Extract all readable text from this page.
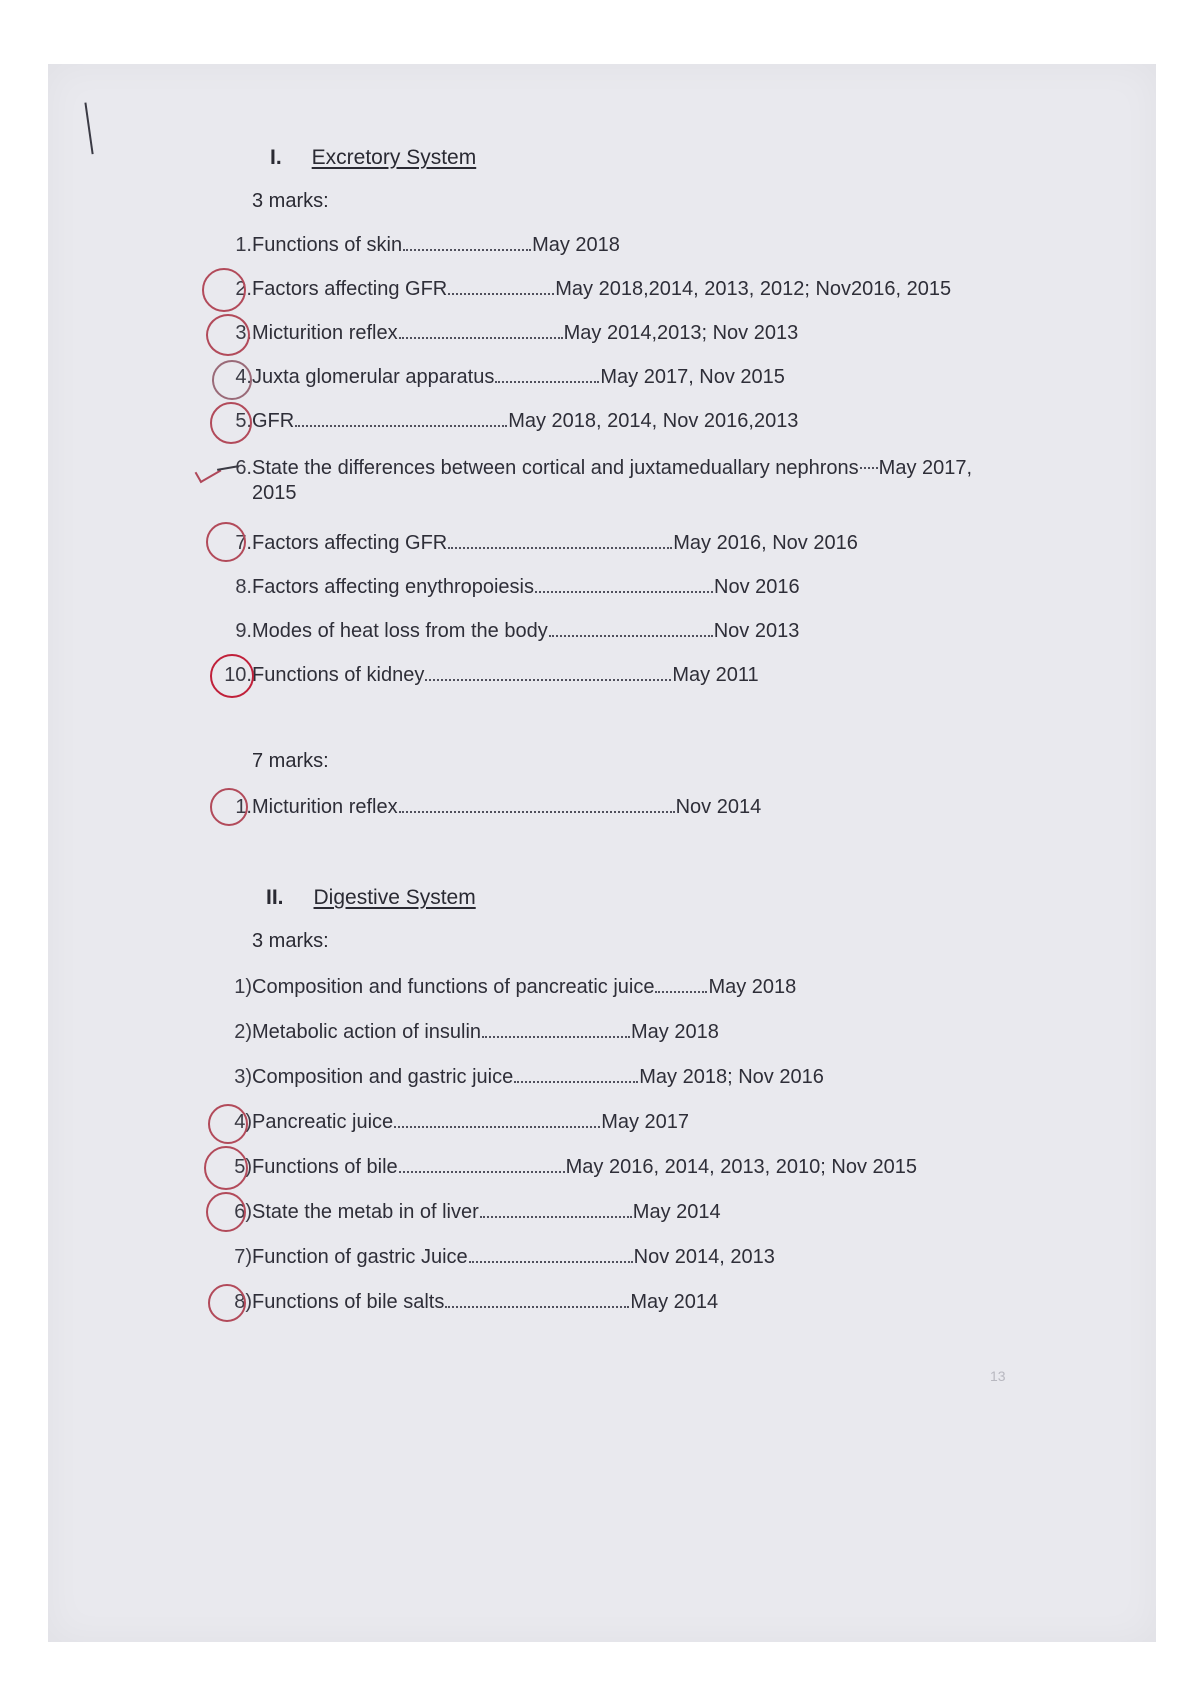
I. Excretory System
3 marks:
1. Functions of skin	May 2018
2. Factors affecting GFR	May 2018,2014, 2013, 2012; Nov2016, 2015
3. Micturition reflex	May 2014,2013; Nov 2013
4. Juxta glomerular apparatus	May 2017, Nov 2015
5. GFR	May 2018, 2014, Nov 2016,2013
6. State the differences between cortical and juxtameduallary nephrons May 2017, 2015
7. Factors affecting GFR	May 2016, Nov 2016
8. Factors affecting enythropoiesis	Nov 2016
9. Modes of heat loss from the body	Nov 2013
10. Functions of kidney	May 2011
7 marks:
1. Micturition reflex	Nov 2014
II. Digestive System
3 marks:
1) Composition and functions of pancreatic juice	May 2018
2) Metabolic action of insulin	May 2018
3) Composition and gastric juice	May 2018; Nov 2016
4) Pancreatic juice	May 2017
5) Functions of bile	May 2016, 2014, 2013, 2010; Nov 2015
6) State the metab in of liver	May 2014
7) Function of gastric Juice	Nov 2014, 2013
8) Functions of bile salts	May 2014
13
